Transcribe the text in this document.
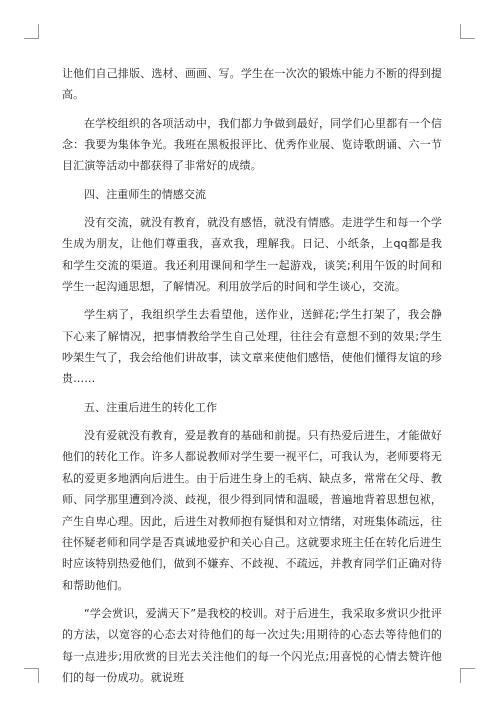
让他们自己排版、选材、画画、写。学生在一次次的锻炼中能力不断的得到提高。

在学校组织的各项活动中，我们都力争做到最好，同学们心里都有一个信念：我要为集体争光。我班在黑板报评比、优秀作业展、览诗歌朗诵、六一节目汇演等活动中都获得了非常好的成绩。

四、注重师生的情感交流

没有交流，就没有教育，就没有感悟，就没有情感。走进学生和每一个学生成为朋友，让他们尊重我，喜欢我，理解我。日记、小纸条，上qq都是我和学生交流的渠道。我还利用课间和学生一起游戏，谈笑;利用午饭的时间和学生一起沟通思想，了解情况。利用放学后的时间和学生谈心，交流。

学生病了，我组织学生去看望他，送作业，送鲜花;学生打架了，我会静下心来了解情况，把事情教给学生自己处理，往往会有意想不到的效果;学生吵架生气了，我会给他们讲故事，读文章来使他们感悟，使他们懂得友谊的珍贵……

五、注重后进生的转化工作

没有爱就没有教育，爱是教育的基础和前提。只有热爱后进生，才能做好他们的转化工作。许多人都说教师对学生要一视平仁，可我认为，老师要将无私的爱更多地洒向后进生。由于后进生身上的毛病、缺点多，常常在父母、教师、同学那里遭到冷淡、歧视，很少得到同情和温暖，普遍地背着思想包袱，产生自卑心理。因此，后进生对教师抱有疑惧和对立情绪，对班集体疏远，往往怀疑老师和同学是否真诚地爱护和关心自己。这就要求班主任在转化后进生时应该特别热爱他们，做到不嫌弃、不歧视、不疏远，并教育同学们正确对待和帮助他们。

“学会赏识，爱满天下”是我校的校训。对于后进生，我采取多赏识少批评的方法，以宽容的心态去对待他们的每一次过失;用期待的心态去等待他们的每一点进步;用欣赏的目光去关注他们的每一个闪光点;用喜悦的心情去赞许他们的每一份成功。就说班
